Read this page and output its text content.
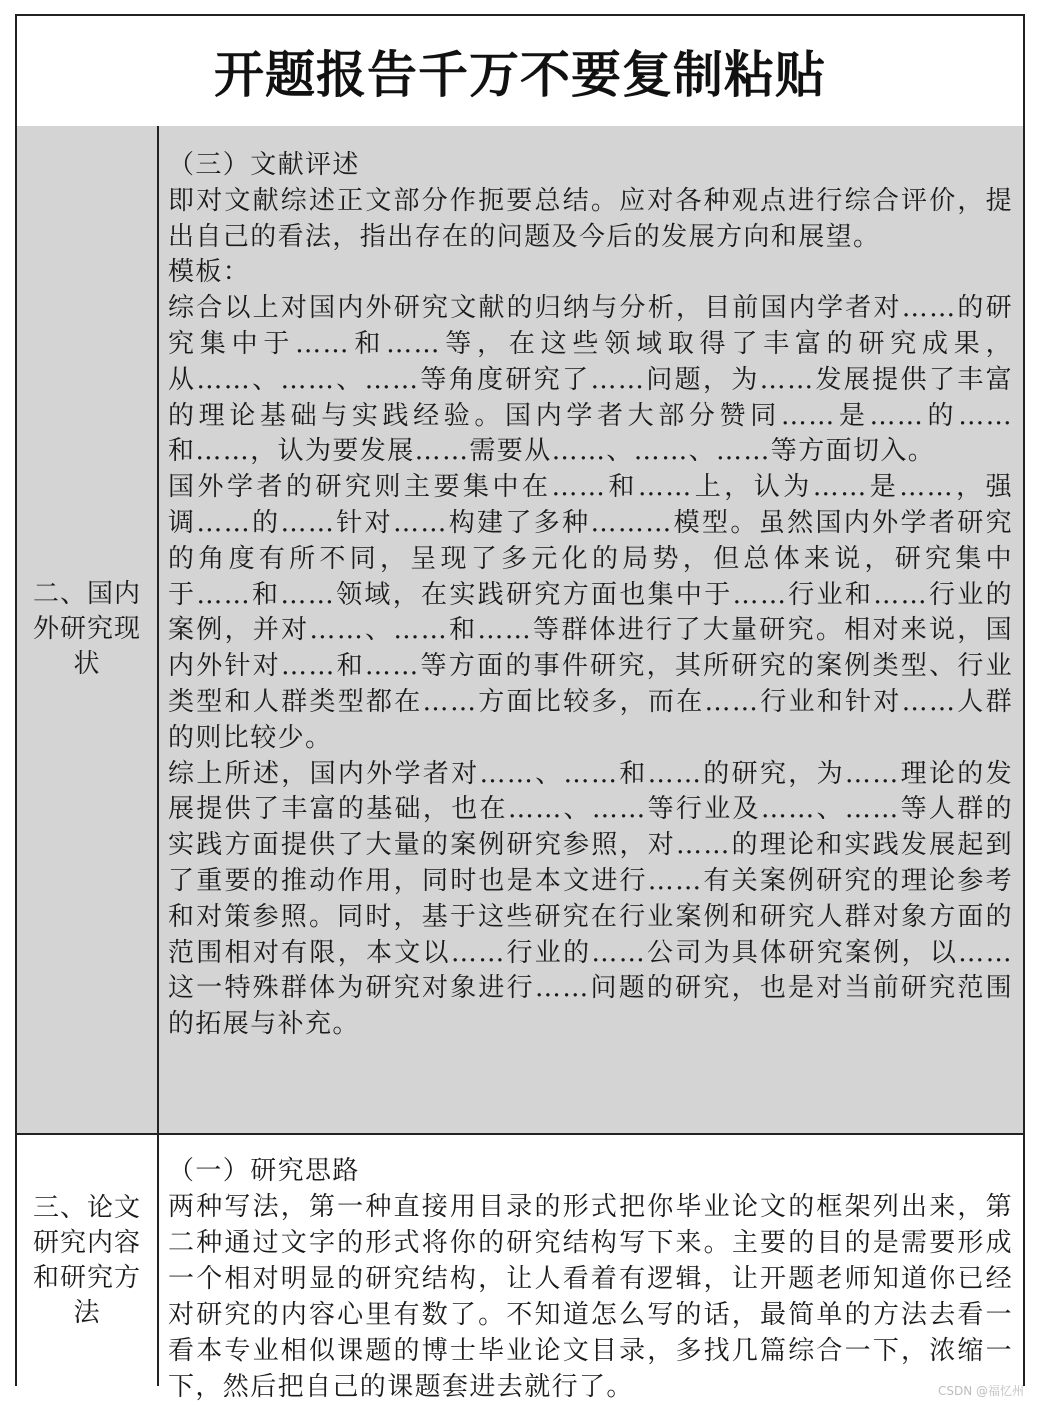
开题报告千万不要复制粘贴
二、国内外研究现状

（三）文献评述

即对文献综述正文部分作扼要总结。应对各种观点进行综合评价，提出自己的看法，指出存在的问题及今后的发展方向和展望。

模板：

综合以上对国内外研究文献的归纳与分析，目前国内学者对……的研究集中于……和……等，在这些领域取得了丰富的研究成果，从……、……、……等角度研究了……问题，为……发展提供了丰富的理论基础与实践经验。国内学者大部分赞同……是……的……和……，认为要发展……需要从……、……、……等方面切入。

国外学者的研究则主要集中在……和……上，认为……是……，强调……的……针对……构建了多种………模型。虽然国内外学者研究的角度有所不同，呈现了多元化的局势，但总体来说，研究集中于……和……领域，在实践研究方面也集中于……行业和……行业的案例，并对……、……和……等群体进行了大量研究。相对来说，国内外针对……和……等方面的事件研究，其所研究的案例类型、行业类型和人群类型都在……方面比较多，而在……行业和针对……人群的则比较少。

综上所述，国内外学者对……、……和……的研究，为……理论的发展提供了丰富的基础，也在……、……等行业及……、……等人群的实践方面提供了大量的案例研究参照，对……的理论和实践发展起到了重要的推动作用，同时也是本文进行……有关案例研究的理论参考和对策参照。同时，基于这些研究在行业案例和研究人群对象方面的范围相对有限，本文以……行业的……公司为具体研究案例，以……这一特殊群体为研究对象进行……问题的研究，也是对当前研究范围的拓展与补充。

三、论文研究内容和研究方法

（一）研究思路

两种写法，第一种直接用目录的形式把你毕业论文的框架列出来，第二种通过文字的形式将你的研究结构写下来。主要的目的是需要形成一个相对明显的研究结构，让人看着有逻辑，让开题老师知道你已经对研究的内容心里有数了。不知道怎么写的话，最简单的方法去看一看本专业相似课题的博士毕业论文目录，多找几篇综合一下，浓缩一下，然后把自己的课题套进去就行了。	CSDN @福忆州
